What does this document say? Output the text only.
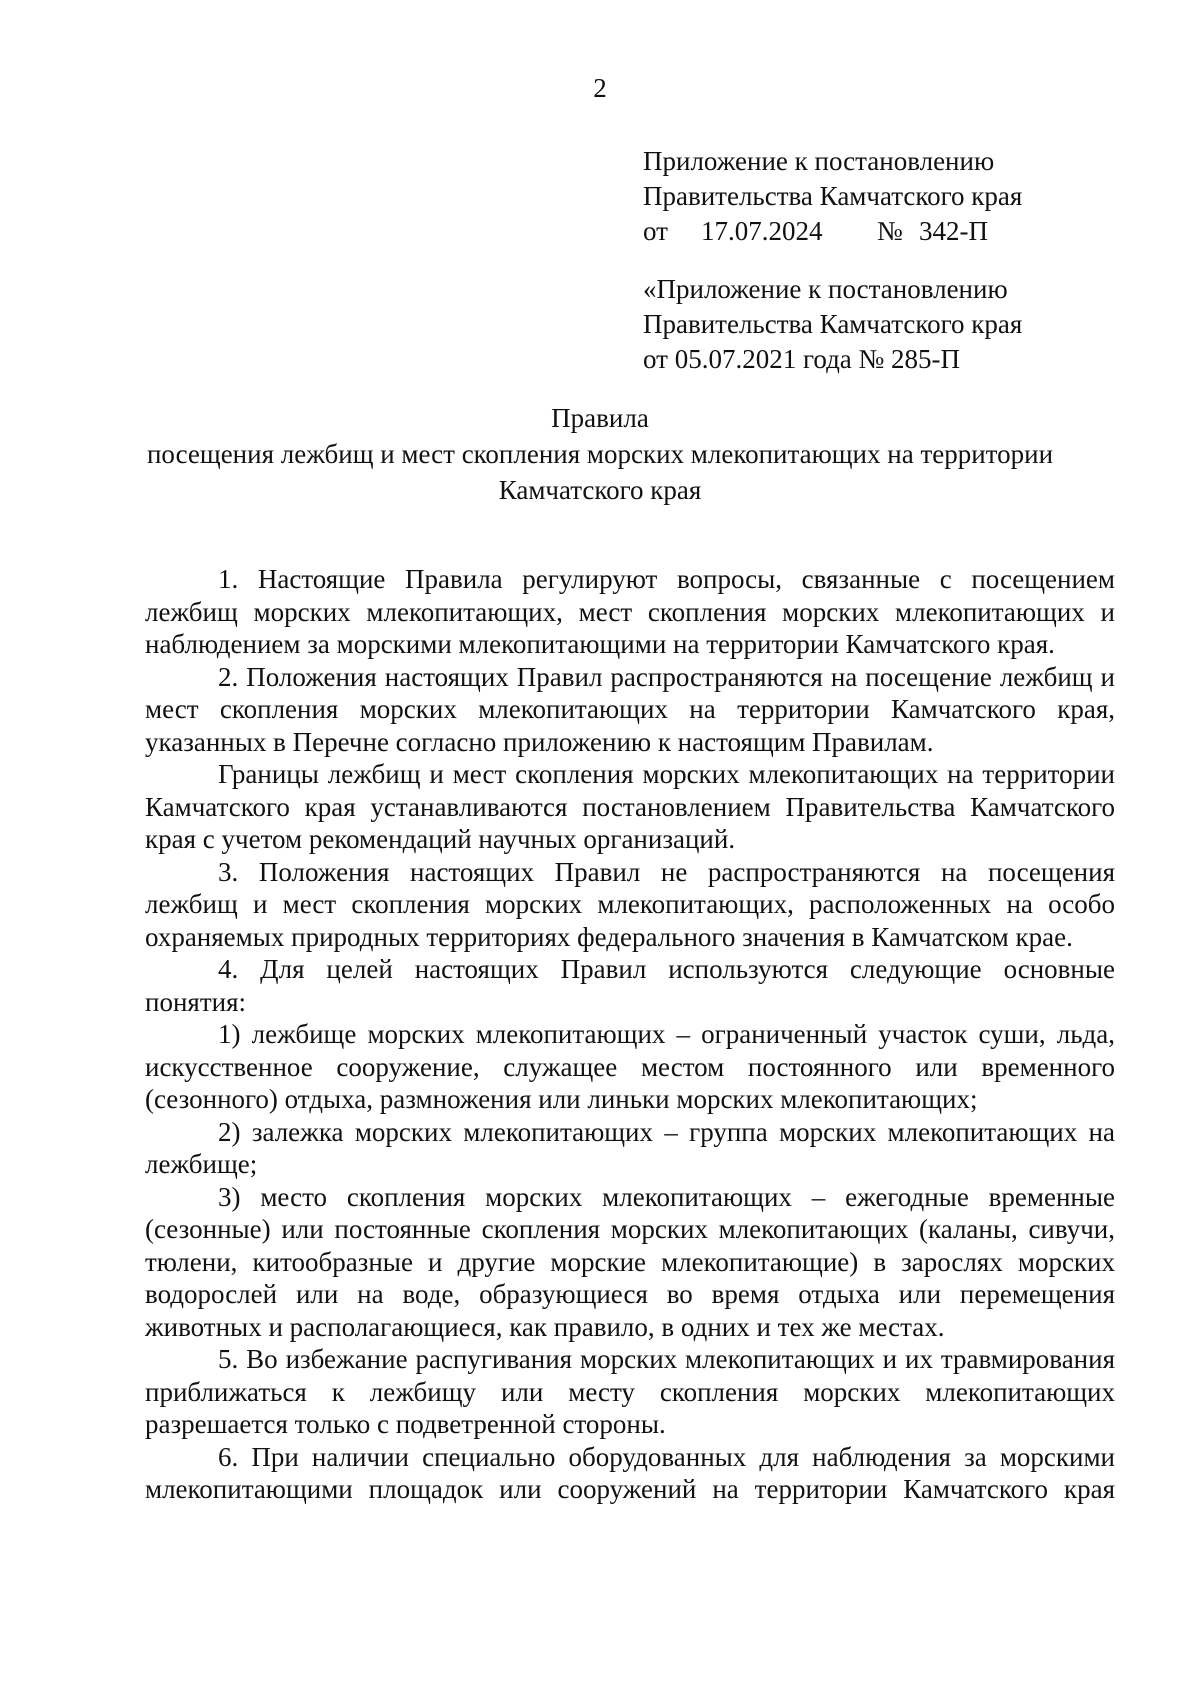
2
Приложение к постановлению
Правительства Камчатского края
от 17.07.2024 № 342-П
«Приложение к постановлению
Правительства Камчатского края
от 05.07.2021 года № 285-П
Правила
посещения лежбищ и мест скопления морских млекопитающих на территории
Камчатского края

1. Настоящие Правила регулируют вопросы, связанные с посещением лежбищ морских млекопитающих, мест скопления морских млекопитающих и наблюдением за морскими млекопитающими на территории Камчатского края.

2. Положения настоящих Правил распространяются на посещение лежбищ и мест скопления морских млекопитающих на территории Камчатского края, указанных в Перечне согласно приложению к настоящим Правилам.

Границы лежбищ и мест скопления морских млекопитающих на территории Камчатского края устанавливаются постановлением Правительства Камчатского края с учетом рекомендаций научных организаций.

3. Положения настоящих Правил не распространяются на посещения лежбищ и мест скопления морских млекопитающих, расположенных на особо охраняемых природных территориях федерального значения в Камчатском крае.

4. Для целей настоящих Правил используются следующие основные понятия:

1) лежбище морских млекопитающих – ограниченный участок суши, льда, искусственное сооружение, служащее местом постоянного или временного (сезонного) отдыха, размножения или линьки морских млекопитающих;

2) залежка морских млекопитающих – группа морских млекопитающих на лежбище;

3) место скопления морских млекопитающих – ежегодные временные (сезонные) или постоянные скопления морских млекопитающих (каланы, сивучи, тюлени, китообразные и другие морские млекопитающие) в зарослях морских водорослей или на воде, образующиеся во время отдыха или перемещения животных и располагающиеся, как правило, в одних и тех же местах.

5. Во избежание распугивания морских млекопитающих и их травмирования приближаться к лежбищу или месту скопления морских млекопитающих разрешается только с подветренной стороны.

6. При наличии специально оборудованных для наблюдения за морскими млекопитающими площадок или сооружений на территории Камчатского края
